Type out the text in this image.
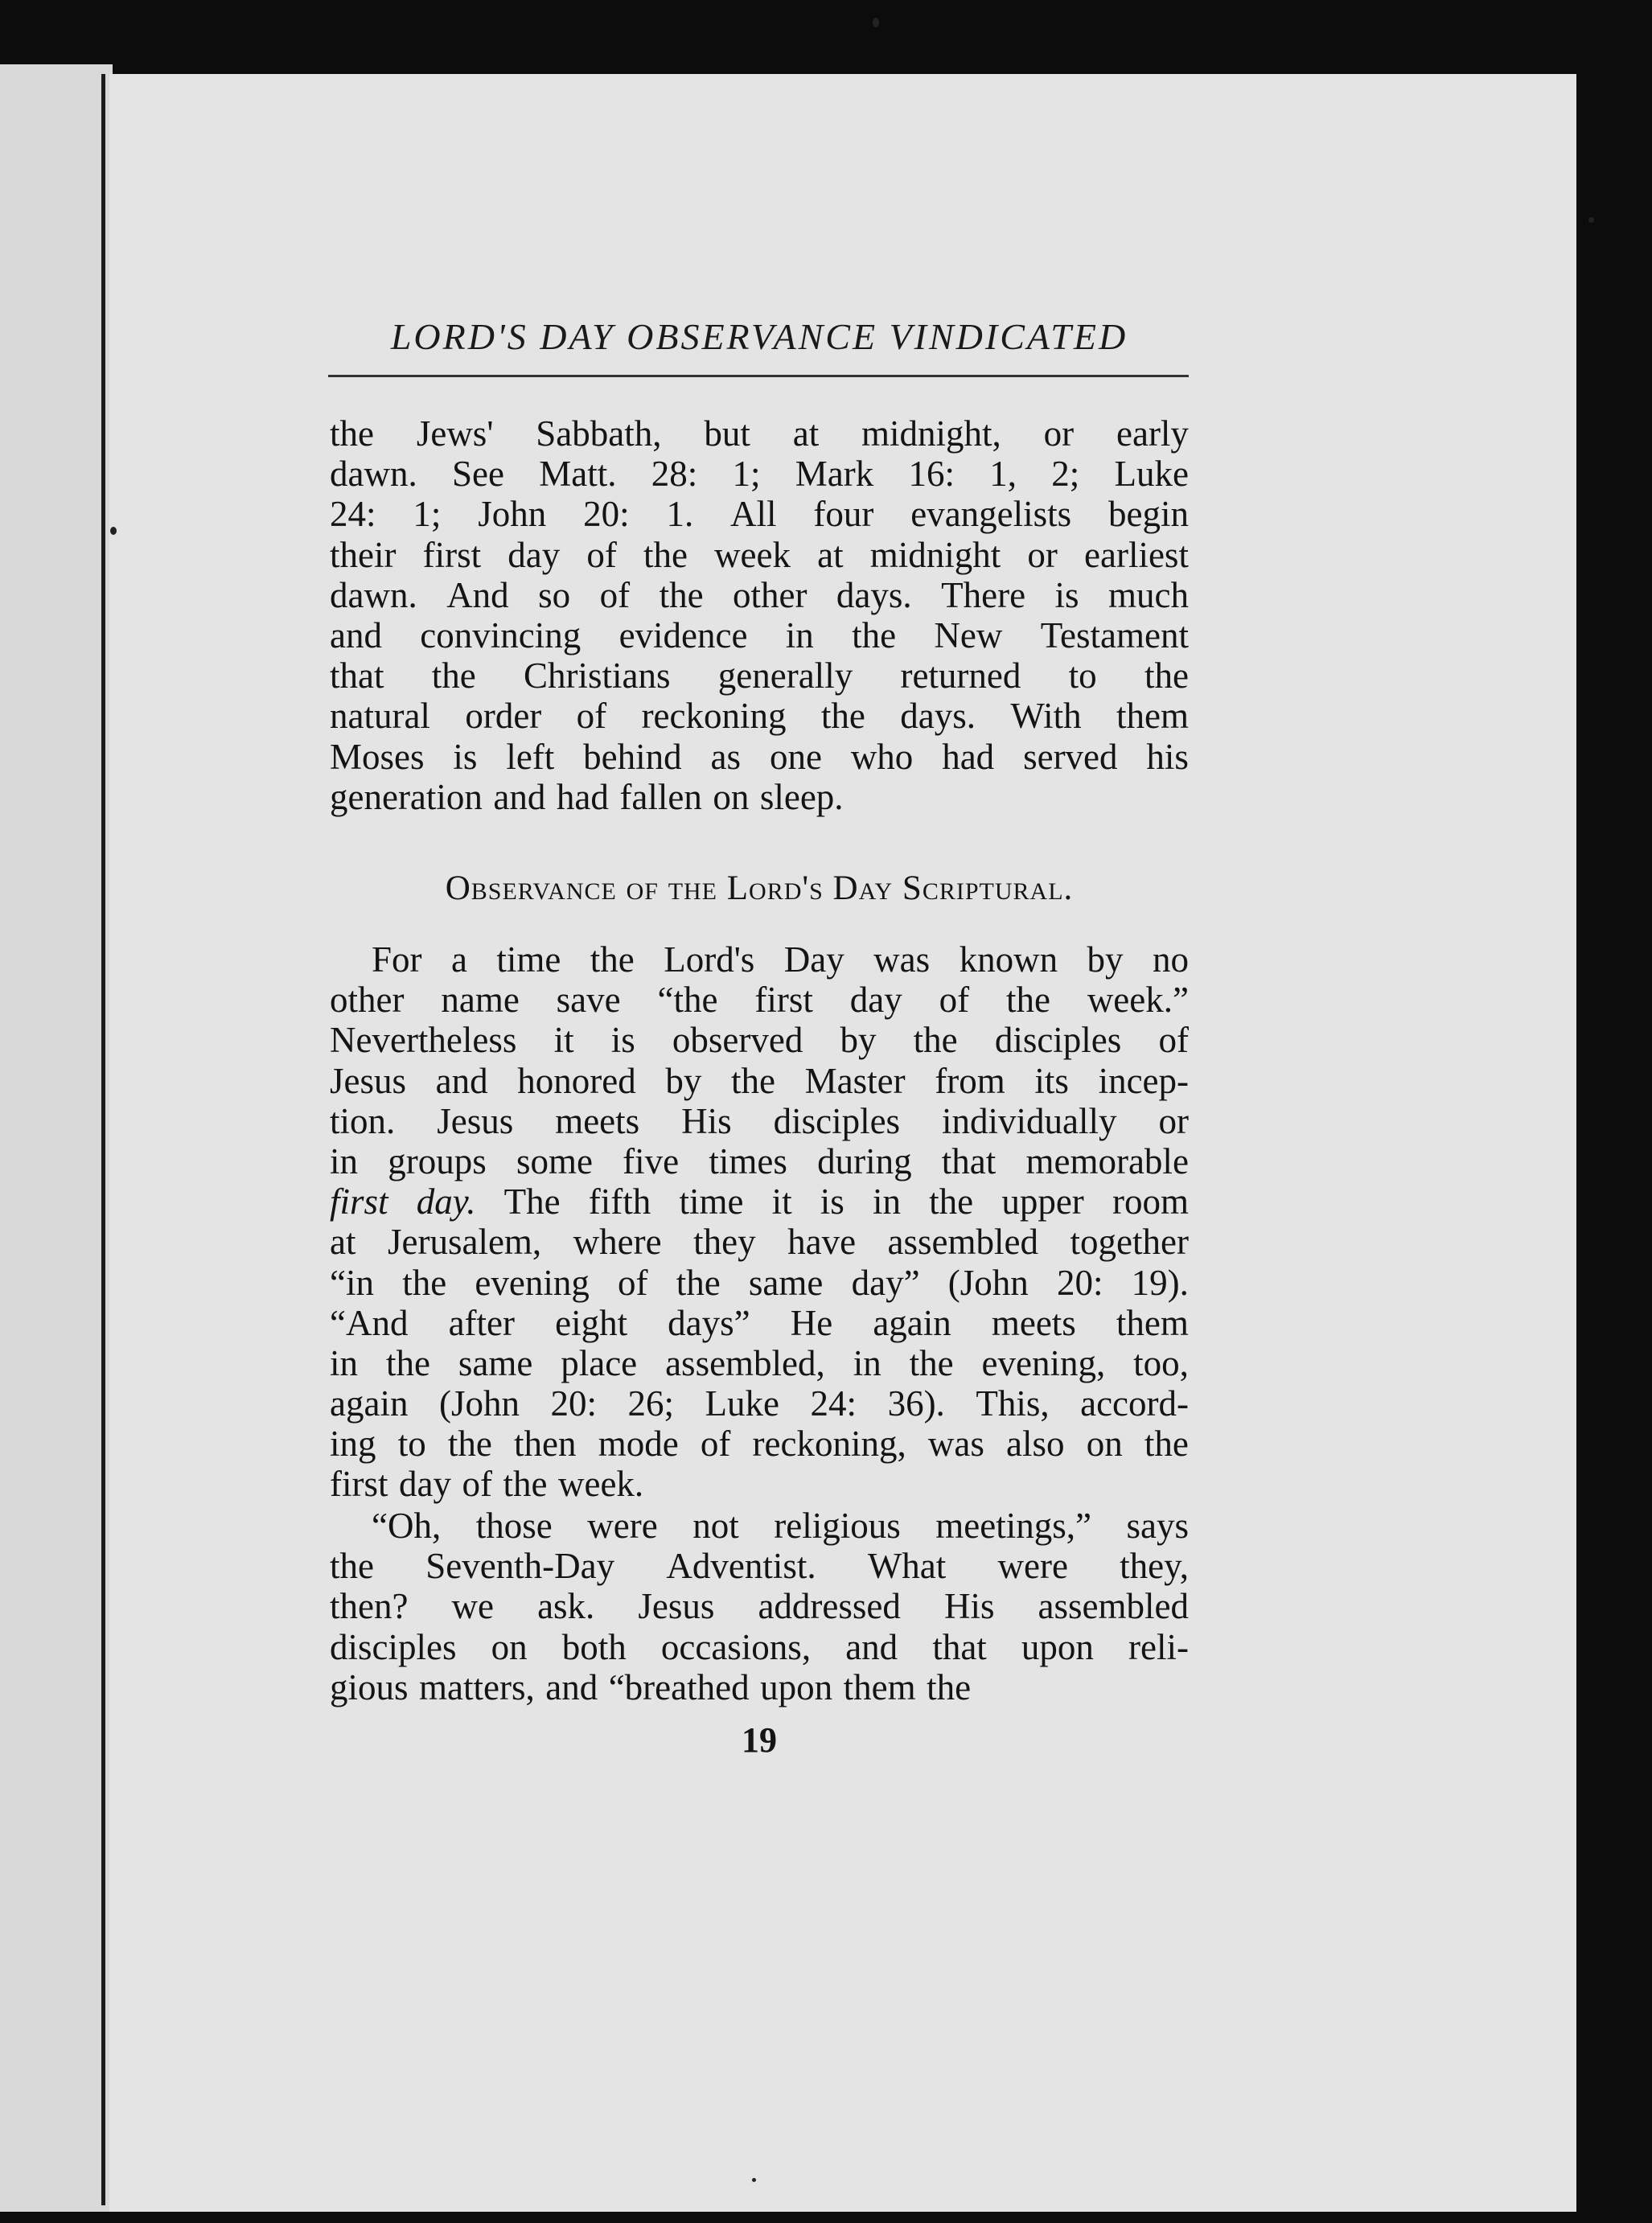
LORD'S DAY OBSERVANCE VINDICATED
the Jews' Sabbath, but at midnight, or early
dawn. See Matt. 28: 1; Mark 16: 1, 2; Luke
24: 1; John 20: 1. All four evangelists begin
their first day of the week at midnight or earliest
dawn. And so of the other days. There is much
and convincing evidence in the New Testament
that the Christians generally returned to the
natural order of reckoning the days. With them
Moses is left behind as one who had served his
generation and had fallen on sleep.
Observance of the Lord's Day Scriptural.
For a time the Lord's Day was known by no
other name save “the first day of the week.”
Nevertheless it is observed by the disciples of
Jesus and honored by the Master from its incep-
tion. Jesus meets His disciples individually or
in groups some five times during that memorable
first day. The fifth time it is in the upper room
at Jerusalem, where they have assembled together
“in the evening of the same day” (John 20: 19).
“And after eight days” He again meets them
in the same place assembled, in the evening, too,
again (John 20: 26; Luke 24: 36). This, accord-
ing to the then mode of reckoning, was also on the
first day of the week.
“Oh, those were not religious meetings,” says
the Seventh-Day Adventist. What were they,
then? we ask. Jesus addressed His assembled
disciples on both occasions, and that upon reli-
gious matters, and “breathed upon them the
19
